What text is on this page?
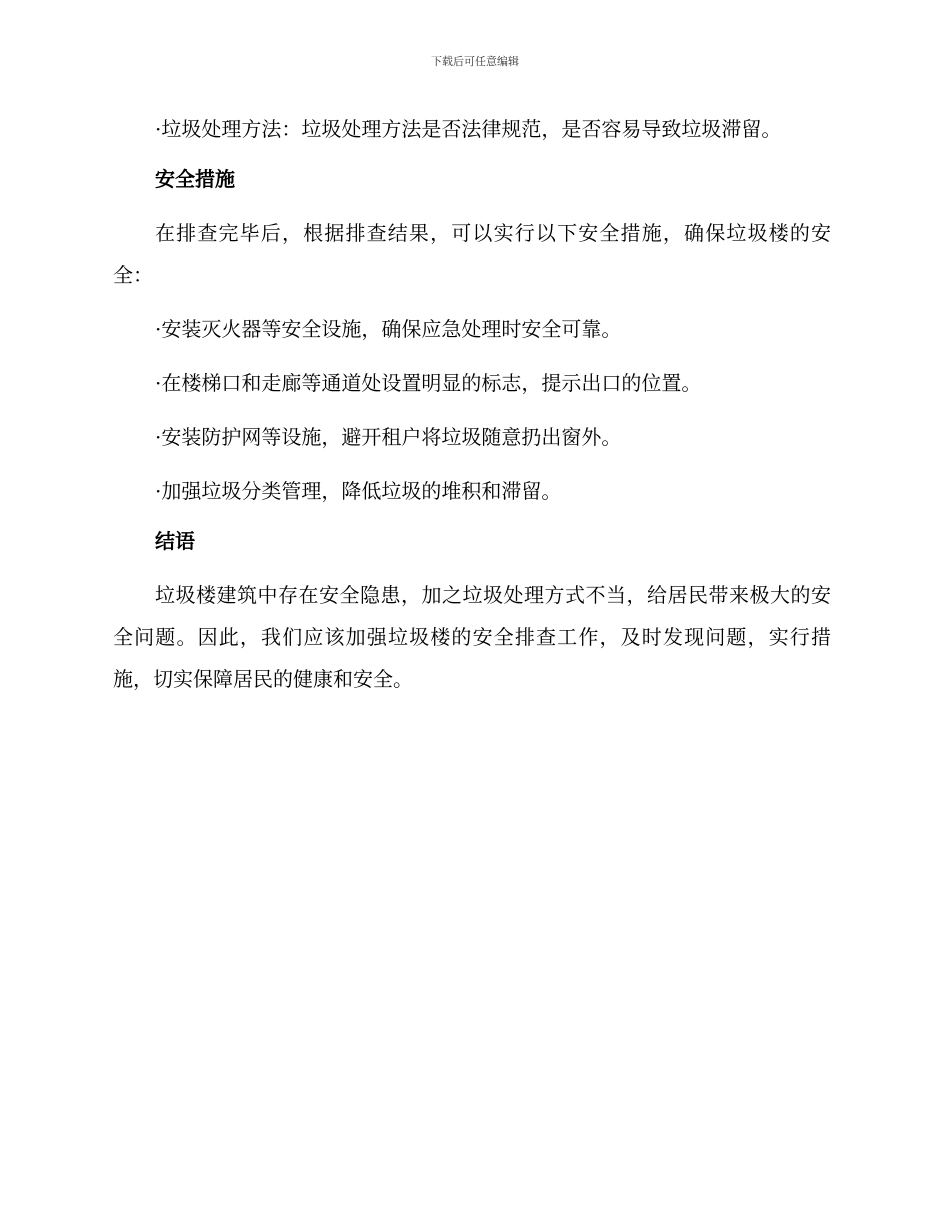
下载后可任意编辑

·垃圾处理方法：垃圾处理方法是否法律规范，是否容易导致垃圾滞留。

安全措施

在排查完毕后，根据排查结果，可以实行以下安全措施，确保垃圾楼的安全：

·安装灭火器等安全设施，确保应急处理时安全可靠。

·在楼梯口和走廊等通道处设置明显的标志，提示出口的位置。

·安装防护网等设施，避开租户将垃圾随意扔出窗外。

·加强垃圾分类管理，降低垃圾的堆积和滞留。

结语

垃圾楼建筑中存在安全隐患，加之垃圾处理方式不当，给居民带来极大的安全问题。因此，我们应该加强垃圾楼的安全排查工作，及时发现问题，实行措施，切实保障居民的健康和安全。
